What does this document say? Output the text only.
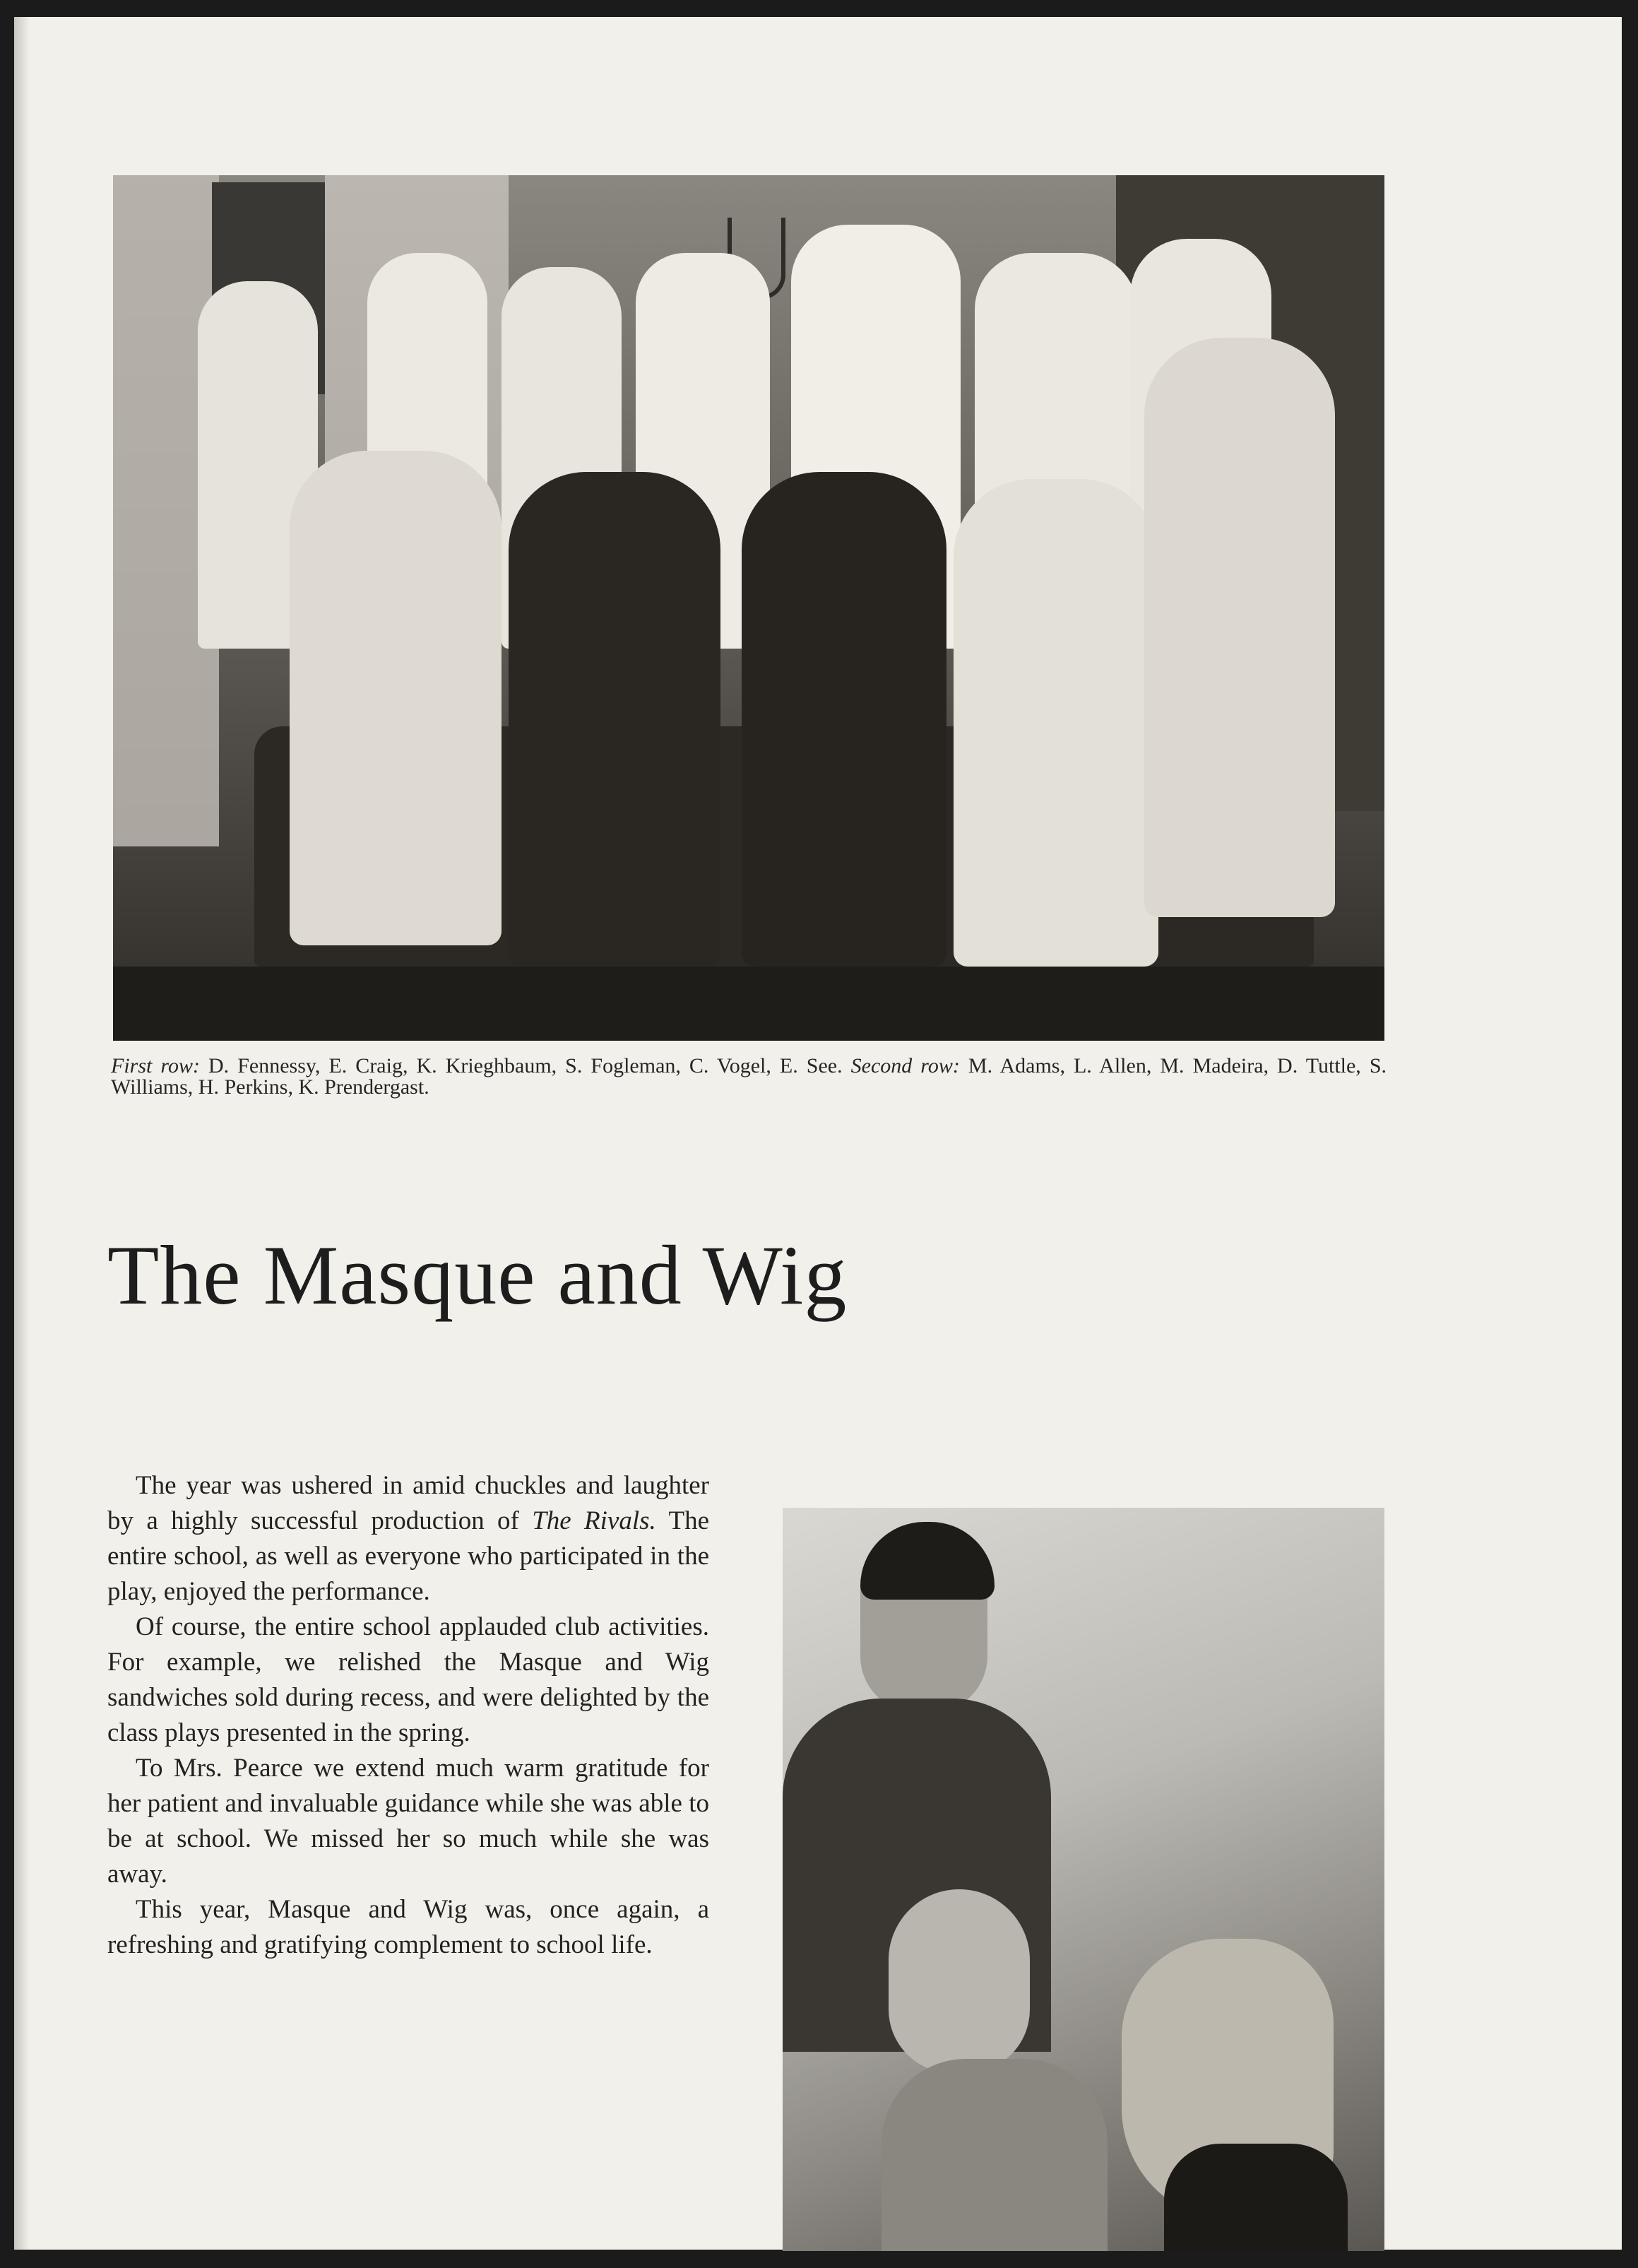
First row: D. Fennessy, E. Craig, K. Krieghbaum, S. Fogleman, C. Vogel, E. See. Second row: M. Adams, L. Allen, M. Madeira, D. Tuttle, S. Williams, H. Perkins, K. Prendergast.
The Masque and Wig

The year was ushered in amid chuckles and laughter by a highly successful production of The Rivals. The entire school, as well as everyone who participated in the play, enjoyed the performance.

Of course, the entire school applauded club activities. For example, we relished the Masque and Wig sandwiches sold during recess, and were delighted by the class plays presented in the spring.

To Mrs. Pearce we extend much warm gratitude for her patient and invaluable guidance while she was able to be at school. We missed her so much while she was away.

This year, Masque and Wig was, once again, a refreshing and gratifying complement to school life.
